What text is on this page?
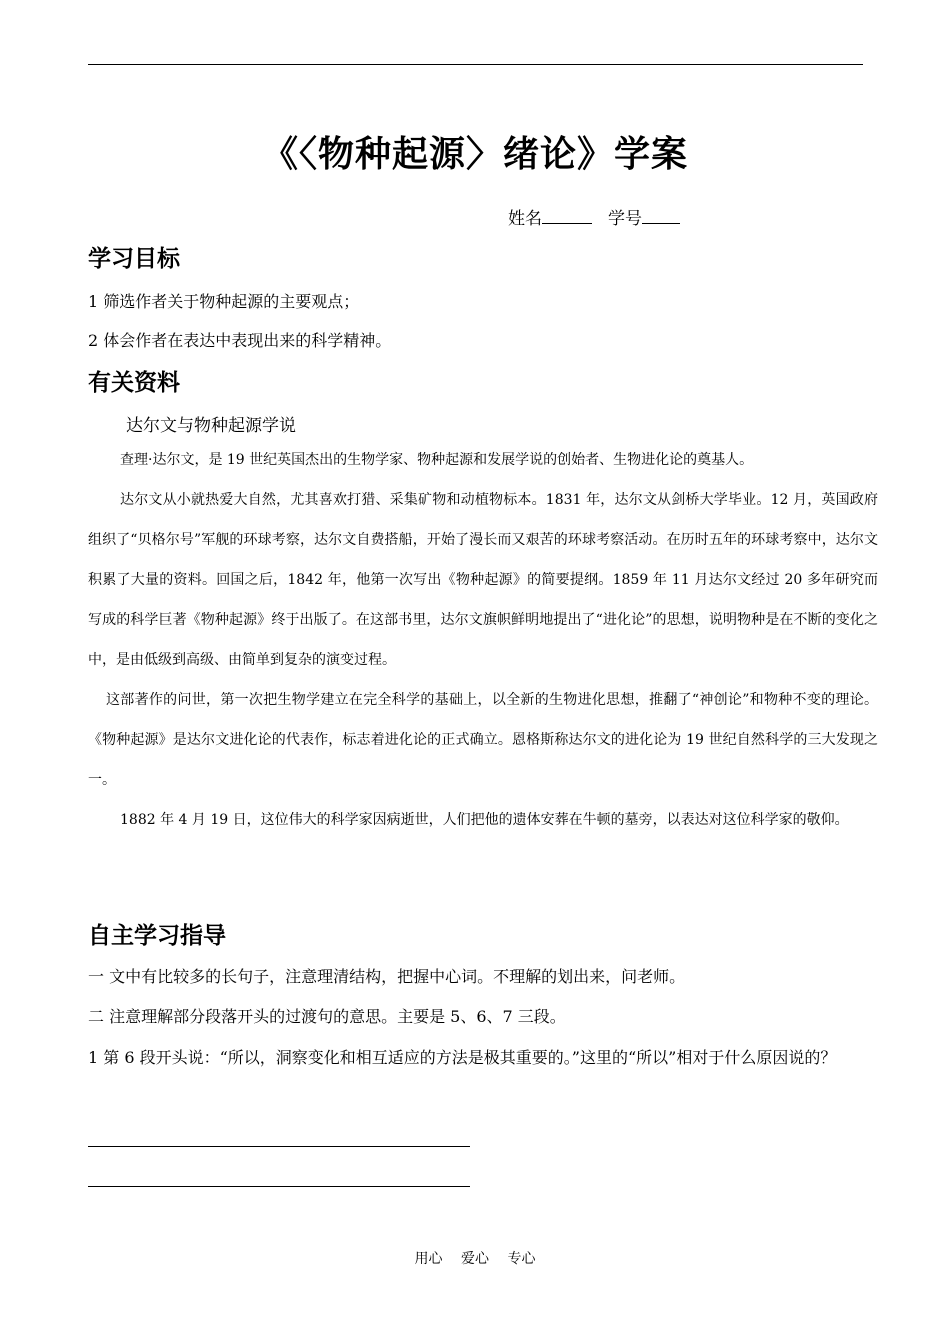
《〈物种起源〉绪论》学案
姓名	学号
学习目标
1 筛选作者关于物种起源的主要观点；
2 体会作者在表达中表现出来的科学精神。
有关资料
达尔文与物种起源学说

查理·达尔文，是 19 世纪英国杰出的生物学家、物种起源和发展学说的创始者、生物进化论的奠基人。

达尔文从小就热爱大自然，尤其喜欢打猎、采集矿物和动植物标本。1831 年，达尔文从剑桥大学毕业。12 月，英国政府组织了“贝格尔号”军舰的环球考察，达尔文自费搭船，开始了漫长而又艰苦的环球考察活动。在历时五年的环球考察中，达尔文积累了大量的资料。回国之后，1842 年，他第一次写出《物种起源》的简要提纲。1859 年 11 月达尔文经过 20 多年研究而写成的科学巨著《物种起源》终于出版了。在这部书里，达尔文旗帜鲜明地提出了“进化论”的思想，说明物种是在不断的变化之中，是由低级到高级、由简单到复杂的演变过程。

这部著作的问世，第一次把生物学建立在完全科学的基础上，以全新的生物进化思想，推翻了“神创论”和物种不变的理论。《物种起源》是达尔文进化论的代表作，标志着进化论的正式确立。恩格斯称达尔文的进化论为 19 世纪自然科学的三大发现之一。

1882 年 4 月 19 日，这位伟大的科学家因病逝世，人们把他的遗体安葬在牛顿的墓旁，以表达对这位科学家的敬仰。

自主学习指导
一 文中有比较多的长句子，注意理清结构，把握中心词。不理解的划出来，问老师。
二 注意理解部分段落开头的过渡句的意思。主要是 5、6、7 三段。
1 第 6 段开头说：“所以，洞察变化和相互适应的方法是极其重要的。”这里的“所以”相对于什么原因说的？
用心 爱心 专心
